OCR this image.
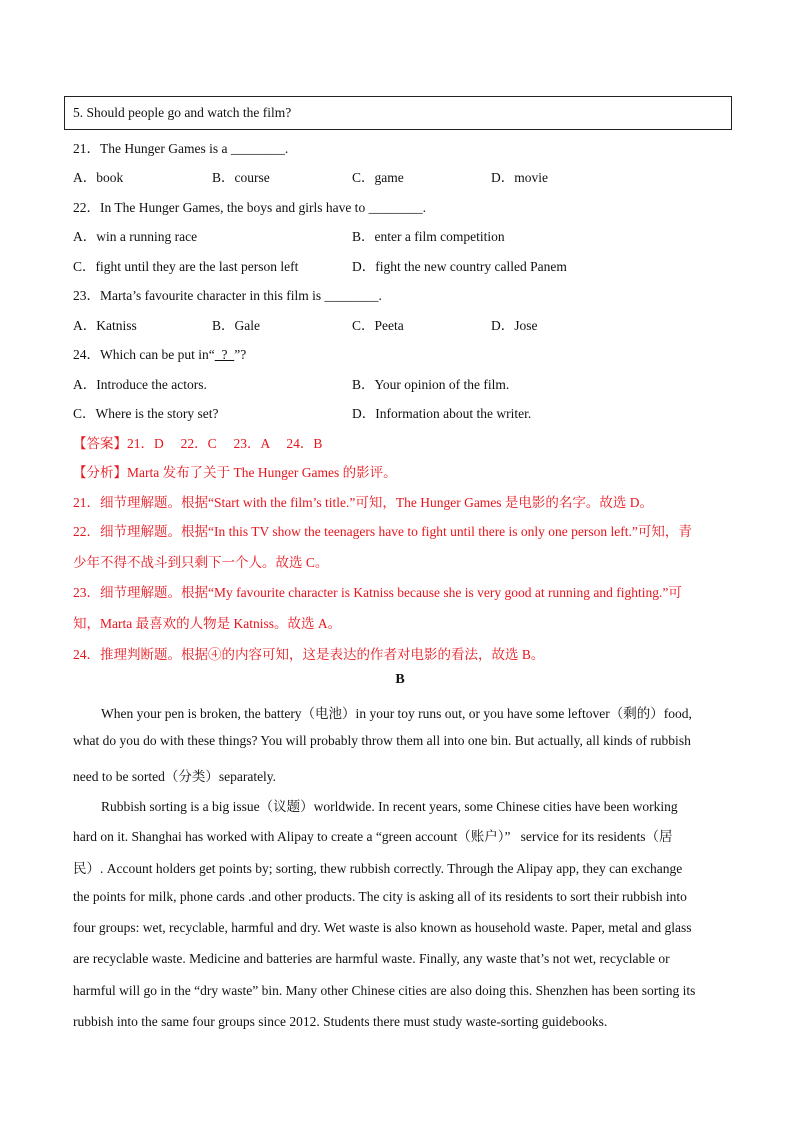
5. Should people go and watch the film?
21．The Hunger Games is a ________.
A．book	B．course	C．game	D．movie
22．In The Hunger Games, the boys and girls have to ________.
A．win a running race	B．enter a film competition
C．fight until they are the last person left	D．fight the new country called Panem
23．Marta’s favourite character in this film is ________.
A．Katniss	B．Gale	C．Peeta	D．Jose
24．Which can be put in“  ?  ”?
A．Introduce the actors.	B．Your opinion of the film.
C．Where is the story set?	D．Information about the writer.
【答案】21．D     22．C     23．A     24．B
【分析】Marta 发布了关于 The Hunger Games 的影评。
21．细节理解题。根据“Start with the film’s title.”可知，The Hunger Games 是电影的名字。故选 D。
22．细节理解题。根据“In this TV show the teenagers have to fight until there is only one person left.”可知，青
少年不得不战斗到只剩下一个人。故选 C。
23．细节理解题。根据“My favourite character is Katniss because she is very good at running and fighting.”可
知，Marta 最喜欢的人物是 Katniss。故选 A。
24．推理判断题。根据④的内容可知，这是表达的作者对电影的看法，故选 B。
B
When your pen is broken, the battery（电池）in your toy runs out, or you have some leftover（剩的）food,
what do you do with these things? You will probably throw them all into one bin. But actually, all kinds of rubbish
need to be sorted（分类）separately.
Rubbish sorting is a big issue（议题）worldwide. In recent years, some Chinese cities have been working
hard on it. Shanghai has worked with Alipay to create a “green account（账户）”   service for its residents（居
民）. Account holders get points by; sorting, thew rubbish correctly. Through the Alipay app, they can exchange
the points for milk, phone cards .and other products. The city is asking all of its residents to sort their rubbish into
four groups: wet, recyclable, harmful and dry. Wet waste is also known as household waste. Paper, metal and glass
are recyclable waste. Medicine and batteries are harmful waste. Finally, any waste that’s not wet, recyclable or
harmful will go in the “dry waste” bin. Many other Chinese cities are also doing this. Shenzhen has been sorting its
rubbish into the same four groups since 2012. Students there must study waste-sorting guidebooks.
